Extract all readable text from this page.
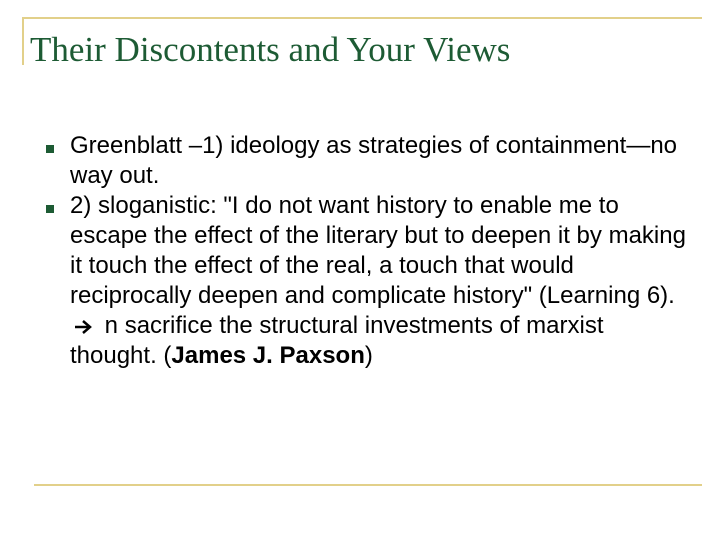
Their Discontents and Your Views
Greenblatt –1) ideology as strategies of containment—no way out.
2) sloganistic: "I do not want history to enable me to escape the effect of the literary but to deepen it by making it touch the effect of the real, a touch that would reciprocally deepen and complicate history" (Learning 6).  n sacrifice the structural investments of marxist thought. (James J. Paxson)
